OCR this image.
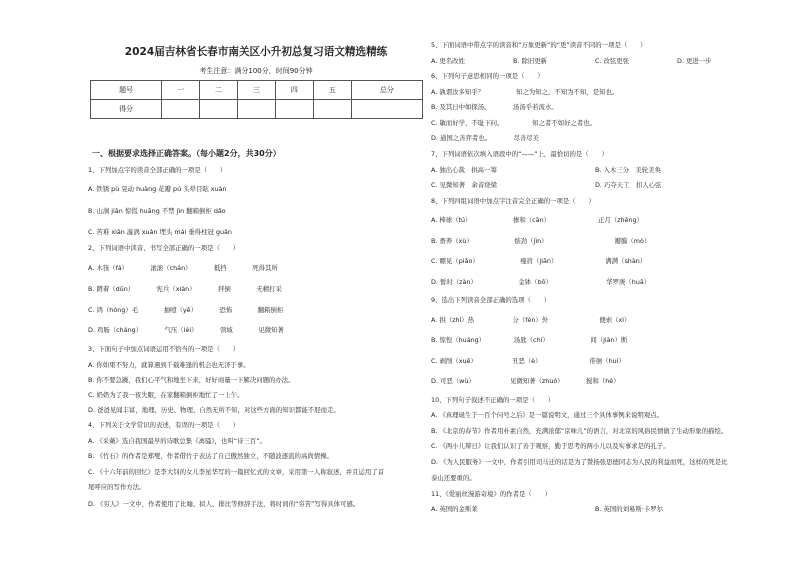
2024届吉林省长春市南关区小升初总复习语文精选精练
考生注意：满分100分，时间90分钟
题号	一	二	三	四	五	总分
得分						
一、根据要求选择正确答案。（每小题2分，共30分）
1、下列加点字的读音全部正确的一项是（　　）
A. 铁锈 pù 晃动 huàng 花瓣 pú 头晕目眩 xuàn
B. 山涧 jiān 惊慌 huāng 不禁 jìn 翻箱倒柜 dǎo
C. 苦难 xiān 漩涡 xuán 埋头 mái 垂得柱冠 guān
2、下列词语中读音、书写全部正确的一项是（　　）
A. 木筏（fá）　　　　滚滚（chán）　　　　抵挡　　　　死得其所
B. 蹲着（dūn）　　　　宪兵（xiàn）　　　　拌倒　　　　无精打采
C. 鸿（hóng）毛　　　　抽噎（yē）　　　　恐怖　　　　翻箱倒柜
D. 鸡肠（cháng）　　　　气压（léi）　　　　领域　　　　见微知著
3、下面句子中加点词语运用不恰当的一项是（　　）
A. 你如果不努力，就算遇到千载难逢的机会也无济于事。
B. 你不要急躁，我们心平气和地坐下来，好好商量一下解决问题的办法。
C. 奶奶为了我一夜失眠，在家翻箱倒柜地忙了一上午。
D. 爸爸见闻丰富，地理、历史、物理、自然无所不知，对这些方面的知识都能不胫而走。
4、下列关于文学常识的表述，有误的一项是（　　）
A. 《采薇》选自我国最早的诗歌总集《离骚》，也叫“诗三百”。
B. 《竹石》的作者是郑燮，作者借竹子表达了自己傲然独立，不随波逐流的高尚情操。
C. 《十六年前的回忆》是李大钊的女儿李星华写的一篇回忆式的文章，采用第一人称叙述，并且运用了首
尾呼应的写作方法。
D. 《穷人》一文中，作者使用了比喻、拟人、排比等修辞手法，将时间的“穷苦”写得具体可感。
5、下面词语中带点字的读音和“万象更新”的“更”读音不同的一项是（　　）
A. 更名改姓	B. 除旧更新	C. 改弦更张	D. 更进一步
6、下列句子意思相同的一项是（　　）
A. 孰谓汝多知乎？　　　　　知之为知之，不知为不知，是知也。
B. 及其日中如探汤。　　　　汤汤乎若流水。
C. 敏而好学，不耻下问。　　　　　知之者不如好之者也。
D. 通国之善弈者也。　　　　尽善尽美
7、下列词语依次填入语段中的“——”上，最恰切的是（　　）
A. 独出心裁　拱高一筹	B. 入木三分　美轮美奂
C. 见微知著　余音绕梁	D. 巧夺天工　扣人心弦
8、下列四组词语中加点字注音完全正确的一项是（　　）
A. 棒球（tú）　　　　　　　掺和（cān）　　　　　　　　正月（zhēng）
B. 畜养（xù）　　　　　　　惦劲（jìn）　　　　　　　　　　　瓣膜（mò）
C. 瞟见（piǎo）　　　　　　　瘦肩（jiān）　　　　　　　　满满（shàn）
D. 暂时（zàn）　　　　　　　金钵（bō）　　　　　　　　　华罗庚（huā）
9、选出下列读音全部正确的选项（　　）
A. 拱（zhí）热　　　　　　分（fèn）外　　　　　　　　便索（xì）
B. 惊惶（huáng）　　　　　汤匙（chí）　　　　　　　间（jiàn）断
C. 剥削（xuē）　　　　　　丑恶（è）　　　　　　　　徘徊（huí）
D. 可恶（wù）　　　　　　见微知著（zhuó）　　　　搅和（hé）
10、下列句子叙述不正确的一项是（　　）
A. 《真理诞生于一百个问号之后》是一篇说明文，通过三个具体事例来说明观点。
B. 《北京的春节》作者用朴素自然，充满浓郁“京味儿”的语言，对北京的风俗民情做了生动形象的描绘。
C. 《两小儿辩日》让我们认识了善于观察，勤于思考的两小儿以及实事求是的孔子。
D. 《为人民服务》一文中，作者引用司马迁的话是为了赞扬张思德同志为人民的利益而死，这样的死是比
泰山还要重的。
11、《爱丽丝漫游奇境》的作者是（　　）
A. 英国的金斯莱	B. 英国的刘易斯·卡罗尔
